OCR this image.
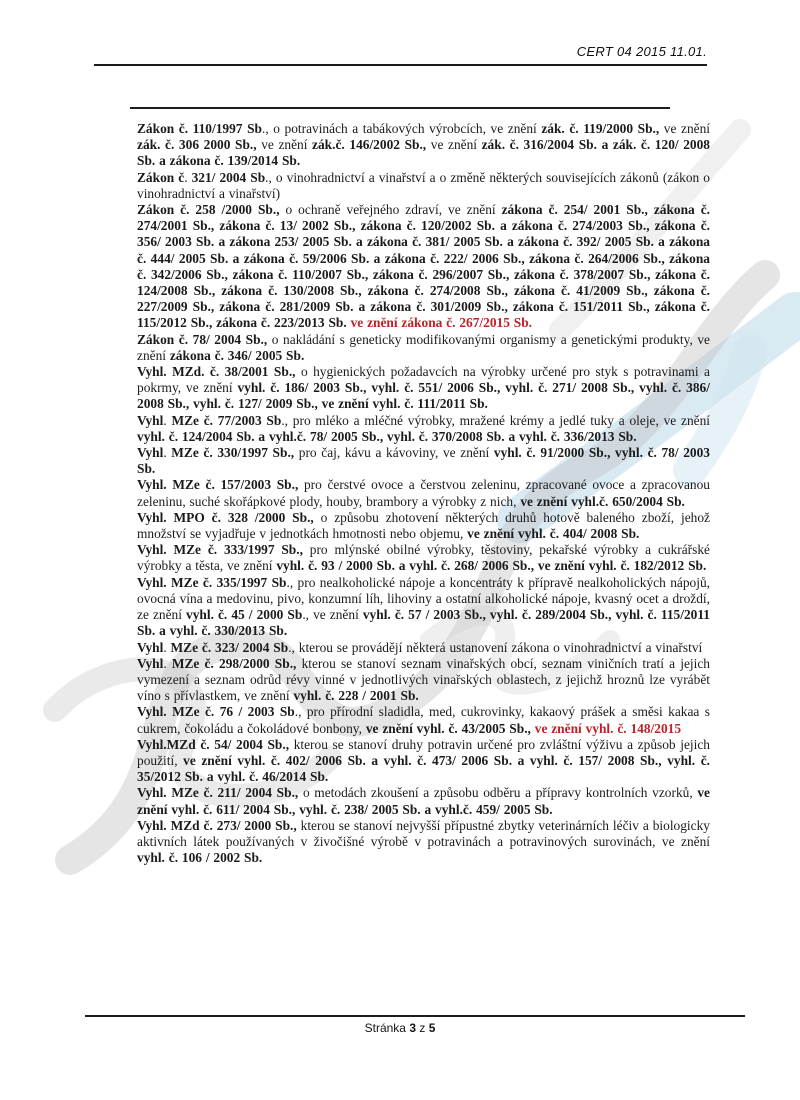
CERT 04 2015 11.01.

Zákon č. 110/1997 Sb., o potravinách a tabákových výrobcích, ve znění zák. č. 119/2000 Sb., ve znění zák. č. 306 2000 Sb., ve znění zák.č. 146/2002 Sb., ve znění zák. č. 316/2004 Sb. a zák. č. 120/ 2008 Sb. a zákona č. 139/2014 Sb.

Zákon č. 321/ 2004 Sb., o vinohradnictví a vinařství a o změně některých souvisejících zákonů (zákon o vinohradnictví a vinařství)

Zákon č. 258 /2000 Sb., o ochraně veřejného zdraví, ve znění zákona č. 254/ 2001 Sb., zákona č. 274/2001 Sb., zákona č. 13/ 2002 Sb., zákona č. 120/2002 Sb. a zákona č. 274/2003 Sb., zákona č. 356/ 2003 Sb. a zákona 253/ 2005 Sb. a zákona č. 381/ 2005 Sb. a zákona č. 392/ 2005 Sb. a zákona č. 444/ 2005 Sb. a zákona č. 59/2006 Sb. a zákona č. 222/ 2006 Sb., zákona č. 264/2006 Sb., zákona č. 342/2006 Sb., zákona č. 110/2007 Sb., zákona č. 296/2007 Sb., zákona č. 378/2007 Sb., zákona č. 124/2008 Sb., zákona č. 130/2008 Sb., zákona č. 274/2008 Sb., zákona č. 41/2009 Sb., zákona č. 227/2009 Sb., zákona č. 281/2009 Sb. a zákona č. 301/2009 Sb., zákona č. 151/2011 Sb., zákona č. 115/2012 Sb., zákona č. 223/2013 Sb. ve znění zákona č. 267/2015 Sb.

Zákon č. 78/ 2004 Sb., o nakládání s geneticky modifikovanými organismy a genetickými produkty, ve znění zákona č. 346/ 2005 Sb.

Vyhl. MZd. č. 38/2001 Sb., o hygienických požadavcích na výrobky určené pro styk s potravinami a pokrmy, ve znění vyhl. č. 186/ 2003 Sb., vyhl. č. 551/ 2006 Sb., vyhl. č. 271/ 2008 Sb., vyhl. č. 386/ 2008 Sb., vyhl. č. 127/ 2009 Sb., ve znění vyhl. č. 111/2011 Sb.

Vyhl. MZe č. 77/2003 Sb., pro mléko a mléčné výrobky, mražené krémy a jedlé tuky a oleje, ve znění vyhl. č. 124/2004 Sb. a vyhl.č. 78/ 2005 Sb., vyhl. č. 370/2008 Sb. a vyhl. č. 336/2013 Sb.

Vyhl. MZe č. 330/1997 Sb., pro čaj, kávu a kávoviny, ve znění vyhl. č. 91/2000 Sb., vyhl. č. 78/ 2003 Sb.

Vyhl. MZe č. 157/2003 Sb., pro čerstvé ovoce a čerstvou zeleninu, zpracované ovoce a zpracovanou zeleninu, suché skořápkové plody, houby, brambory a výrobky z nich, ve znění vyhl.č. 650/2004 Sb.

Vyhl. MPO č. 328 /2000 Sb., o způsobu zhotovení některých druhů hotově baleného zboží, jehož množství se vyjadřuje v jednotkách hmotnosti nebo objemu, ve znění vyhl. č. 404/ 2008 Sb.

Vyhl. MZe č. 333/1997 Sb., pro mlýnské obilné výrobky, těstoviny, pekařské výrobky a cukrářské výrobky a těsta, ve znění vyhl. č. 93 / 2000 Sb. a vyhl. č. 268/ 2006 Sb., ve znění vyhl. č. 182/2012 Sb.

Vyhl. MZe č. 335/1997 Sb., pro nealkoholické nápoje a koncentráty k přípravě nealkoholických nápojů, ovocná vína a medovinu, pivo, konzumní líh, lihoviny a ostatní alkoholické nápoje, kvasný ocet a droždí, ze znění vyhl. č. 45 / 2000 Sb., ve znění vyhl. č. 57 / 2003 Sb., vyhl. č. 289/2004 Sb., vyhl. č. 115/2011 Sb. a vyhl. č. 330/2013 Sb.

Vyhl. MZe č. 323/ 2004 Sb., kterou se provádějí některá ustanovení zákona o vinohradnictví a vinařství

Vyhl. MZe č. 298/2000 Sb., kterou se stanoví seznam vinařských obcí, seznam viničních tratí a jejich vymezení a seznam odrůd révy vinné v jednotlivých vinařských oblastech, z jejichž hroznů lze vyrábět víno s přívlastkem, ve znění vyhl. č. 228 / 2001 Sb.

Vyhl. MZe č. 76 / 2003 Sb., pro přírodní sladidla, med, cukrovinky, kakaový prášek a směsi kakaa s cukrem, čokoládu a čokoládové bonbony, ve znění vyhl. č. 43/2005 Sb., ve znění vyhl. č. 148/2015

Vyhl.MZd č. 54/ 2004 Sb., kterou se stanoví druhy potravin určené pro zvláštní výživu a způsob jejich použití, ve znění vyhl. č. 402/ 2006 Sb. a vyhl. č. 473/ 2006 Sb. a vyhl. č. 157/ 2008 Sb., vyhl. č. 35/2012 Sb. a vyhl. č. 46/2014 Sb.

Vyhl. MZe č. 211/ 2004 Sb., o metodách zkoušení a způsobu odběru a přípravy kontrolních vzorků, ve znění vyhl. č. 611/ 2004 Sb., vyhl. č. 238/ 2005 Sb. a vyhl.č. 459/ 2005 Sb.

Vyhl. MZd č. 273/ 2000 Sb., kterou se stanoví nejvyšší přípustné zbytky veterinárních léčiv a biologicky aktivních látek používaných v živočišné výrobě v potravinách a potravinových surovinách, ve znění vyhl. č. 106 / 2002 Sb.

Stránka 3 z 5
